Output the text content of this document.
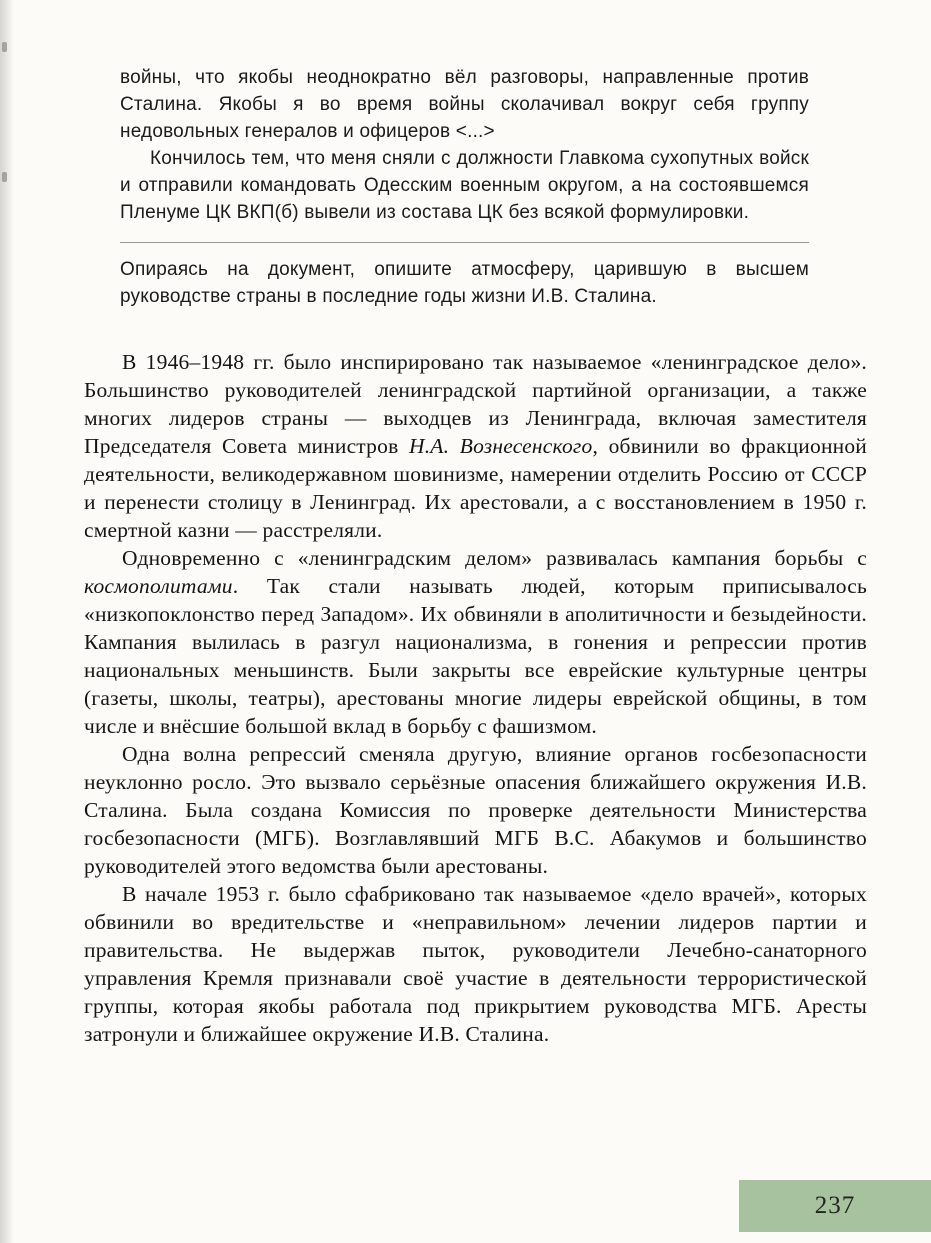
войны, что якобы неоднократно вёл разговоры, направленные против Сталина. Якобы я во время войны сколачивал вокруг себя группу недовольных генералов и офицеров <...>

Кончилось тем, что меня сняли с должности Главкома сухопутных войск и отправили командовать Одесским военным округом, а на состоявшемся Пленуме ЦК ВКП(б) вывели из состава ЦК без всякой формулировки.

Опираясь на документ, опишите атмосферу, царившую в высшем руководстве страны в последние годы жизни И.В. Сталина.

В 1946–1948 гг. было инспирировано так называемое «ленинградское дело». Большинство руководителей ленинградской партийной организации, а также многих лидеров страны — выходцев из Ленинграда, включая заместителя Председателя Совета министров Н.А. Вознесенского, обвинили во фракционной деятельности, великодержавном шовинизме, намерении отделить Россию от СССР и перенести столицу в Ленинград. Их арестовали, а с восстановлением в 1950 г. смертной казни — расстреляли.

Одновременно с «ленинградским делом» развивалась кампания борьбы с космополитами. Так стали называть людей, которым приписывалось «низкопоклонство перед Западом». Их обвиняли в аполитичности и безыдейности. Кампания вылилась в разгул национализма, в гонения и репрессии против национальных меньшинств. Были закрыты все еврейские культурные центры (газеты, школы, театры), арестованы многие лидеры еврейской общины, в том числе и внёсшие большой вклад в борьбу с фашизмом.

Одна волна репрессий сменяла другую, влияние органов госбезопасности неуклонно росло. Это вызвало серьёзные опасения ближайшего окружения И.В. Сталина. Была создана Комиссия по проверке деятельности Министерства госбезопасности (МГБ). Возглавлявший МГБ В.С. Абакумов и большинство руководителей этого ведомства были арестованы.

В начале 1953 г. было сфабриковано так называемое «дело врачей», которых обвинили во вредительстве и «неправильном» лечении лидеров партии и правительства. Не выдержав пыток, руководители Лечебно-санаторного управления Кремля признавали своё участие в деятельности террористической группы, которая якобы работала под прикрытием руководства МГБ. Аресты затронули и ближайшее окружение И.В. Сталина.

237
